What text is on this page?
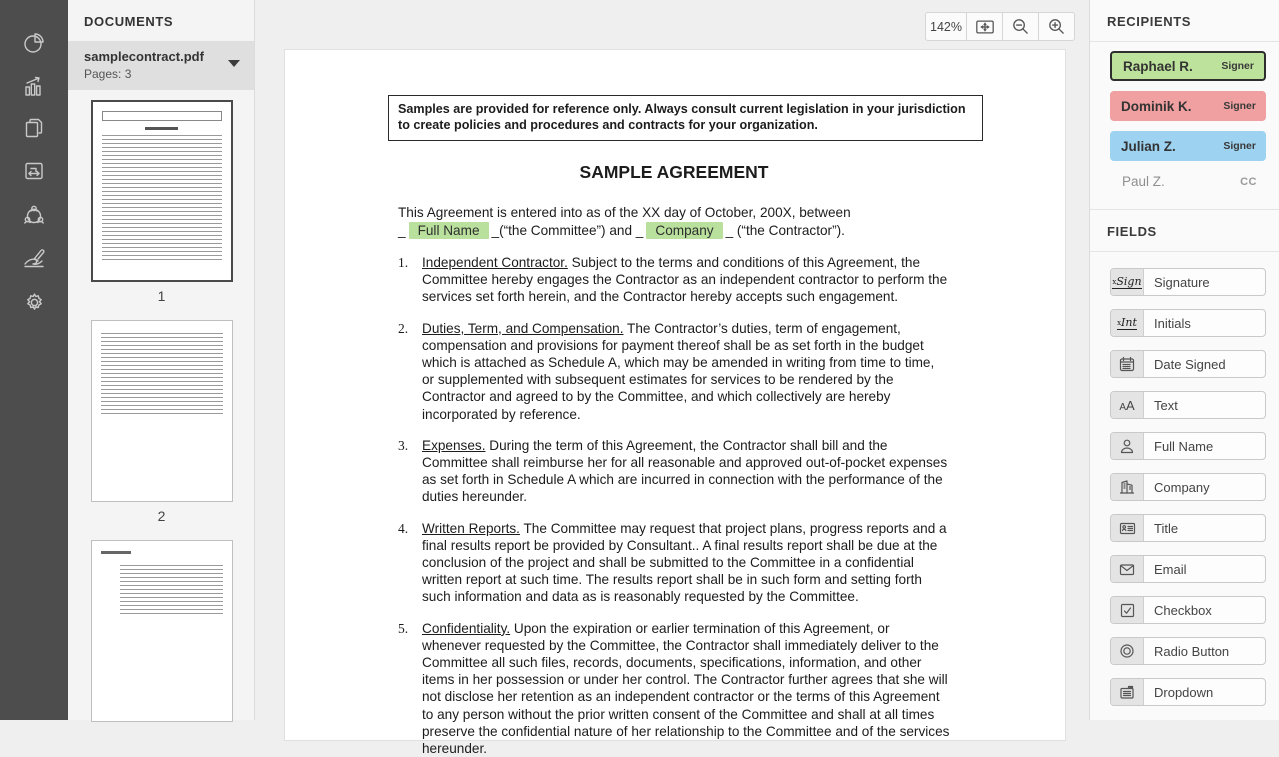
DOCUMENTS
samplecontract.pdf
Pages: 3
1
2
142%
Samples are provided for reference only. Always consult current legislation in your jurisdiction to create policies and procedures and contracts for your organization.
SAMPLE AGREEMENT
This Agreement is entered into as of the XX day of October, 200X, between
_ Full Name _(“the Committee”) and _ Company _ (“the Contractor”).
1.	Independent Contractor. Subject to the terms and conditions of this Agreement, the Committee hereby engages the Contractor as an independent contractor to perform the services set forth herein, and the Contractor hereby accepts such engagement.
2.	Duties, Term, and Compensation. The Contractor’s duties, term of engagement, compensation and provisions for payment thereof shall be as set forth in the budget which is attached as Schedule A, which may be amended in writing from time to time, or supplemented with subsequent estimates for services to be rendered by the Contractor and agreed to by the Committee, and which collectively are hereby incorporated by reference.
3.	Expenses. During the term of this Agreement, the Contractor shall bill and the Committee shall reimburse her for all reasonable and approved out-of-pocket expenses as set forth in Schedule A which are incurred in connection with the performance of the duties hereunder.
4.	Written Reports. The Committee may request that project plans, progress reports and a final results report be provided by Consultant.. A final results report shall be due at the conclusion of the project and shall be submitted to the Committee in a confidential written report at such time. The results report shall be in such form and setting forth such information and data as is reasonably requested by the Committee.
5.	Confidentiality. Upon the expiration or earlier termination of this Agreement, or whenever requested by the Committee, the Contractor shall immediately deliver to the Committee all such files, records, documents, specifications, information, and other items in her possession or under her control. The Contractor further agrees that she will not disclose her retention as an independent contractor or the terms of this Agreement to any person without the prior written consent of the Committee and shall at all times preserve the confidential nature of her relationship to the Committee and of the services hereunder.
RECIPIENTS
Raphael R.	Signer
Dominik K.	Signer
Julian Z.	Signer
Paul Z.	CC
FIELDS
xSign Signature
xInt	Initials
Date Signed
AA	Text
Full Name
Company
Title
Email
Checkbox
Radio Button
Dropdown
